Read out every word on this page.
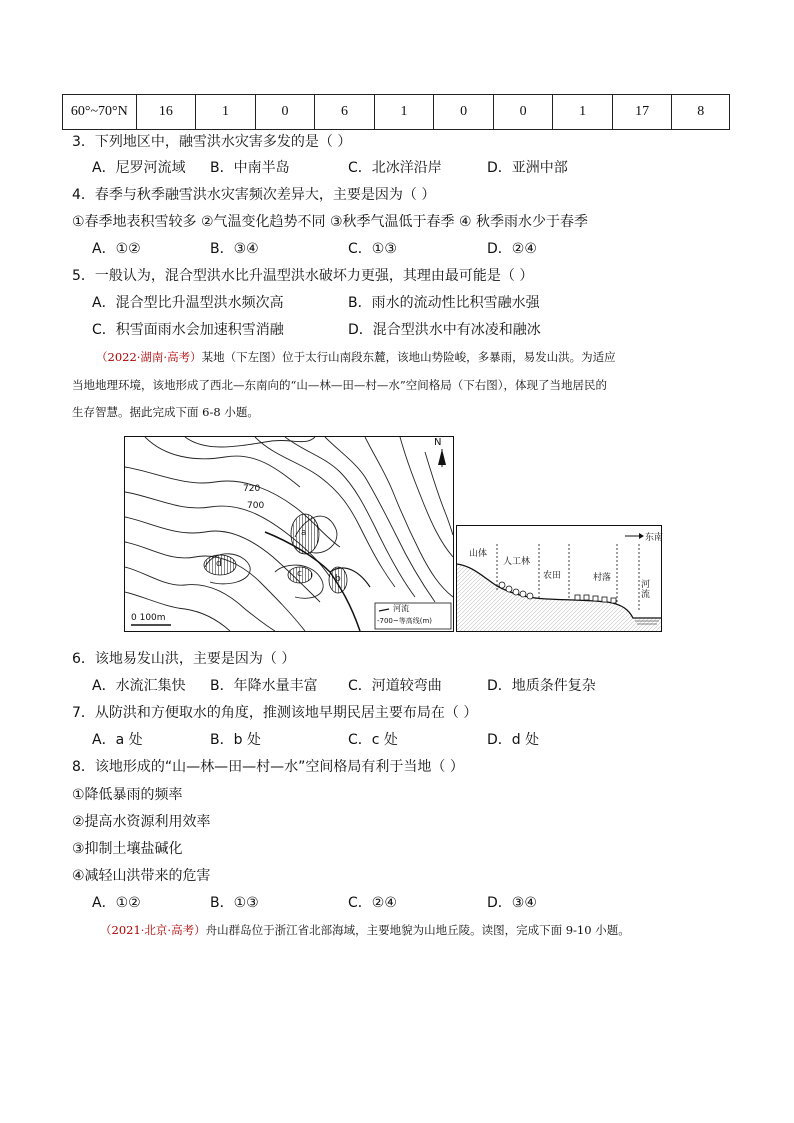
60°~70°N	16	1	0	6	1	0	0	1	17	8
3．下列地区中，融雪洪水灾害多发的是（ ）
A．尼罗河流域 B．中南半岛	C．北冰洋沿岸	D．亚洲中部
4．春季与秋季融雪洪水灾害频次差异大，主要是因为（ ）
①春季地表积雪较多 ②气温变化趋势不同 ③秋季气温低于春季 ④ 秋季雨水少于春季
A．①②	B．③④	C．①③	D．②④
5．一般认为，混合型洪水比升温型洪水破坏力更强，其理由最可能是（ ）
A．混合型比升温型洪水频次高	B．雨水的流动性比积雪融水强
C．积雪面雨水会加速积雪消融	D．混合型洪水中有冰凌和融冰
（2022·湖南·高考）某地（下左图）位于太行山南段东麓，该地山势险峻，多暴雨，易发山洪。为适应
当地地理环境，该地形成了西北—东南向的“山—林—田—村—水”空间格局（下右图），体现了当地居民的
生存智慧。据此完成下面 6-8 小题。
N
720
700
a
b
c
d
0 100m
河流
-700~等高线(m)
东南
山体
人工林
农田	村落
河流
6．该地易发山洪，主要是因为（ ）
A．水流汇集快 B．年降水量丰富 C．河道较弯曲	D．地质条件复杂
7．从防洪和方便取水的角度，推测该地早期民居主要布局在（ ）
A．a 处	B．b 处	C．c 处	D．d 处
8．该地形成的“山—林—田—村—水”空间格局有利于当地（ ）
①降低暴雨的频率
②提高水资源利用效率
③抑制土壤盐碱化
④减轻山洪带来的危害
A．①②	B．①③	C．②④	D．③④
（2021·北京·高考）舟山群岛位于浙江省北部海域，主要地貌为山地丘陵。读图，完成下面 9-10 小题。
